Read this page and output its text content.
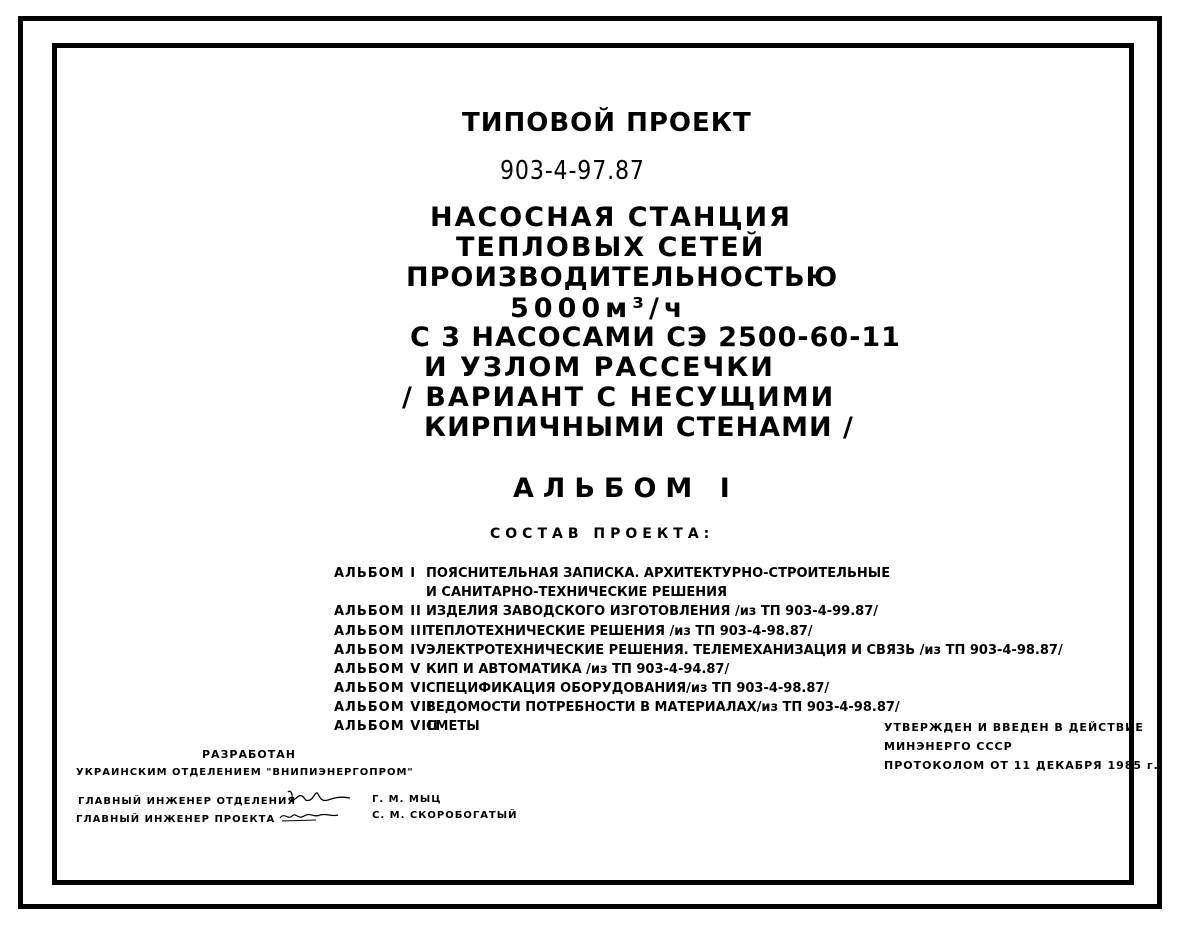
ТИПОВОЙ ПРОЕКТ
903-4-97.87
НАСОСНАЯ СТАНЦИЯ
ТЕПЛОВЫХ СЕТЕЙ
ПРОИЗВОДИТЕЛЬНОСТЬЮ
5000м³/ч
С 3 НАСОСАМИ СЭ 2500-60-11
И УЗЛОМ РАССЕЧКИ
/ ВАРИАНТ С НЕСУЩИМИ
КИРПИЧНЫМИ СТЕНАМИ /
АЛЬБОМ I
СОСТАВ ПРОЕКТА:
АЛЬБОМ I ПОЯСНИТЕЛЬНАЯ ЗАПИСКА. АРХИТЕКТУРНО-СТРОИТЕЛЬНЫЕ
И САНИТАРНО-ТЕХНИЧЕСКИЕ РЕШЕНИЯ
АЛЬБОМ II ИЗДЕЛИЯ ЗАВОДСКОГО ИЗГОТОВЛЕНИЯ /из ТП 903-4-99.87/
АЛЬБОМ IIIТЕПЛОТЕХНИЧЕСКИЕ РЕШЕНИЯ /из ТП 903-4-98.87/
АЛЬБОМ IVЭЛЕКТРОТЕХНИЧЕСКИЕ РЕШЕНИЯ. ТЕЛЕМЕХАНИЗАЦИЯ И СВЯЗЬ /из ТП 903-4-98.87/
АЛЬБОМ V КИП И АВТОМАТИКА /из ТП 903-4-94.87/
АЛЬБОМ VIСПЕЦИФИКАЦИЯ ОБОРУДОВАНИЯ/из ТП 903-4-98.87/
АЛЬБОМ VIIВЕДОМОСТИ ПОТРЕБНОСТИ В МАТЕРИАЛАХ/из ТП 903-4-98.87/
АЛЬБОМ VIIIСМЕТЫ	УТВЕРЖДЕН И ВВЕДЕН В ДЕЙСТВИЕ
МИНЭНЕРГО СССР
ПРОТОКОЛОМ ОТ 11 ДЕКАБРЯ 1985 г.
РАЗРАБОТАН
УКРАИНСКИМ ОТДЕЛЕНИЕМ "ВНИПИЭНЕРГОПРОМ"
ГЛАВНЫЙ ИНЖЕНЕР ОТДЕЛЕНИЯ
ГЛАВНЫЙ ИНЖЕНЕР ПРОЕКТА
Г. М. МЫЦ
С. М. СКОРОБОГАТЫЙ
